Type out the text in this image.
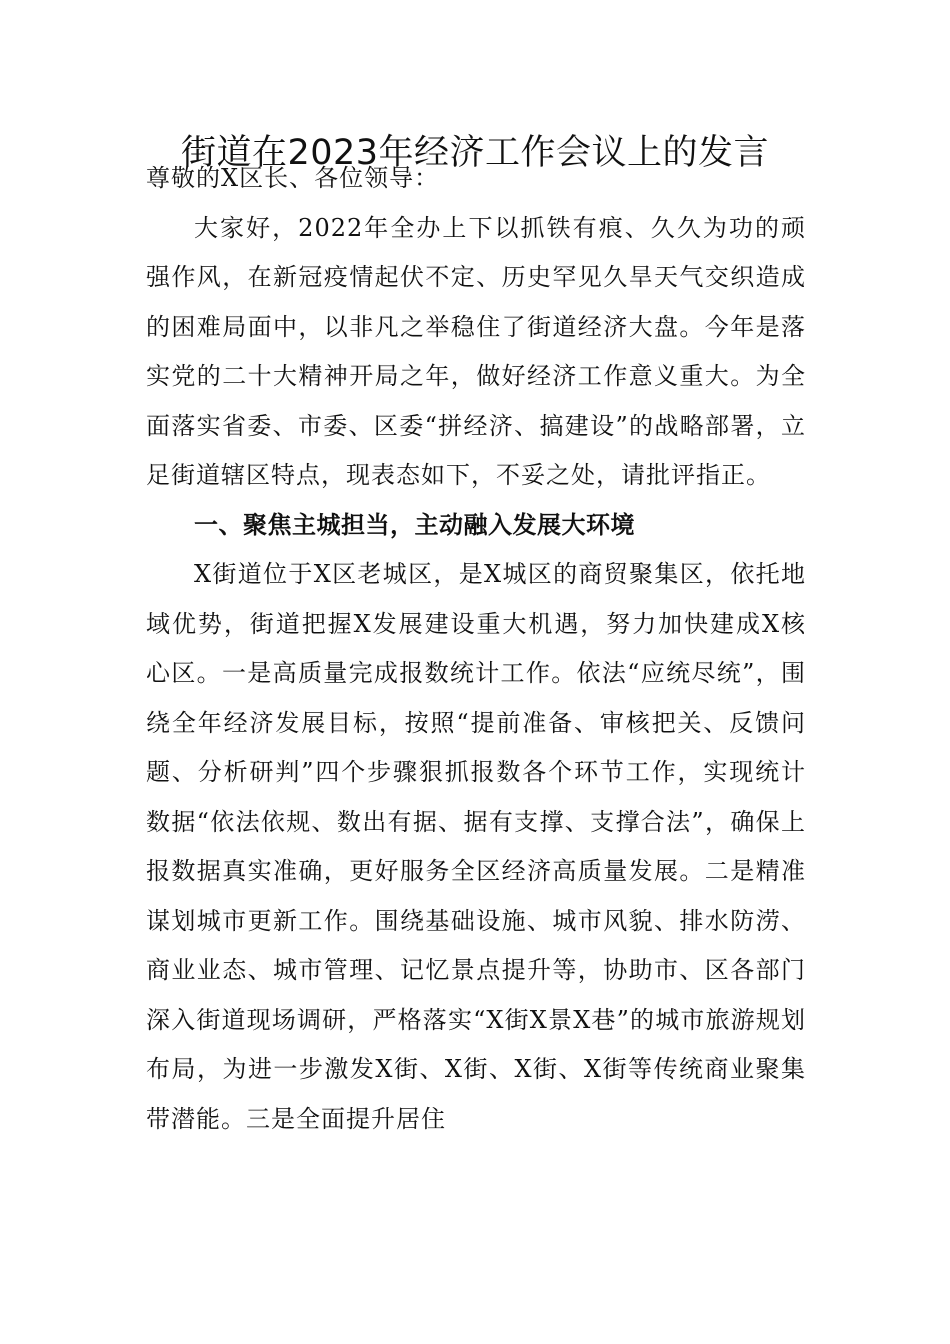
街道在2023年经济工作会议上的发言

尊敬的X区长、各位领导：

大家好，2022年全办上下以抓铁有痕、久久为功的顽强作风，在新冠疫情起伏不定、历史罕见久旱天气交织造成的困难局面中，以非凡之举稳住了街道经济大盘。今年是落实党的二十大精神开局之年，做好经济工作意义重大。为全面落实省委、市委、区委“拼经济、搞建设”的战略部署，立足街道辖区特点，现表态如下，不妥之处，请批评指正。

一、聚焦主城担当，主动融入发展大环境

X街道位于X区老城区，是X城区的商贸聚集区，依托地域优势，街道把握X发展建设重大机遇，努力加快建成X核心区。一是高质量完成报数统计工作。依法“应统尽统”，围绕全年经济发展目标，按照“提前准备、审核把关、反馈问题、分析研判”四个步骤狠抓报数各个环节工作，实现统计数据“依法依规、数出有据、据有支撑、支撑合法”，确保上报数据真实准确，更好服务全区经济高质量发展。二是精准谋划城市更新工作。围绕基础设施、城市风貌、排水防涝、商业业态、城市管理、记忆景点提升等，协助市、区各部门深入街道现场调研，严格落实“X街X景X巷”的城市旅游规划布局，为进一步激发X街、X街、X街、X街等传统商业聚集带潜能。三是全面提升居住
